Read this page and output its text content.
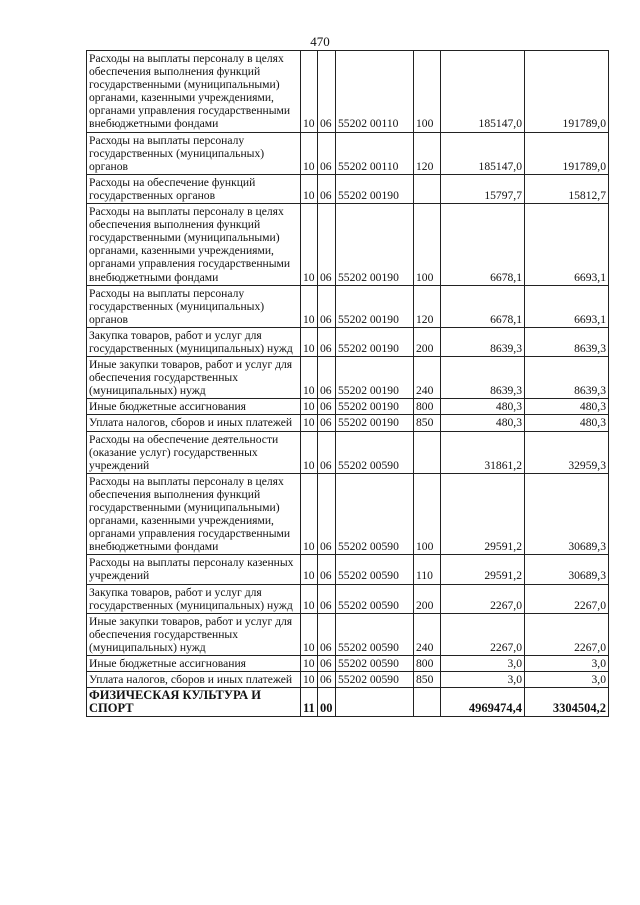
470
Расходы на выплаты персоналу в целях обеспечения выполнения функций государственными (муниципальными) органами, казенными учреждениями, органами управления государственными внебюджетными фондами	10	06	55202 00110	100	185147,0	191789,0
Расходы на выплаты персоналу государственных (муниципальных) органов	10	06	55202 00110	120	185147,0	191789,0
Расходы на обеспечение функций государственных органов	10	06	55202 00190		15797,7	15812,7
Расходы на выплаты персоналу в целях обеспечения выполнения функций государственными (муниципальными) органами, казенными учреждениями, органами управления государственными внебюджетными фондами	10	06	55202 00190	100	6678,1	6693,1
Расходы на выплаты персоналу государственных (муниципальных) органов	10	06	55202 00190	120	6678,1	6693,1
Закупка товаров, работ и услуг для государственных (муниципальных) нужд	10	06	55202 00190	200	8639,3	8639,3
Иные закупки товаров, работ и услуг для обеспечения государственных (муниципальных) нужд	10	06	55202 00190	240	8639,3	8639,3
Иные бюджетные ассигнования	10	06	55202 00190	800	480,3	480,3
Уплата налогов, сборов и иных платежей	10	06	55202 00190	850	480,3	480,3
Расходы на обеспечение деятельности (оказание услуг) государственных учреждений	10	06	55202 00590		31861,2	32959,3
Расходы на выплаты персоналу в целях обеспечения выполнения функций государственными (муниципальными) органами, казенными учреждениями, органами управления государственными внебюджетными фондами	10	06	55202 00590	100	29591,2	30689,3
Расходы на выплаты персоналу казенных учреждений	10	06	55202 00590	110	29591,2	30689,3
Закупка товаров, работ и услуг для государственных (муниципальных) нужд	10	06	55202 00590	200	2267,0	2267,0
Иные закупки товаров, работ и услуг для обеспечения государственных (муниципальных) нужд	10	06	55202 00590	240	2267,0	2267,0
Иные бюджетные ассигнования	10	06	55202 00590	800	3,0	3,0
Уплата налогов, сборов и иных платежей	10	06	55202 00590	850	3,0	3,0
ФИЗИЧЕСКАЯ КУЛЬТУРА И СПОРТ	11	00			4969474,4	3304504,2
